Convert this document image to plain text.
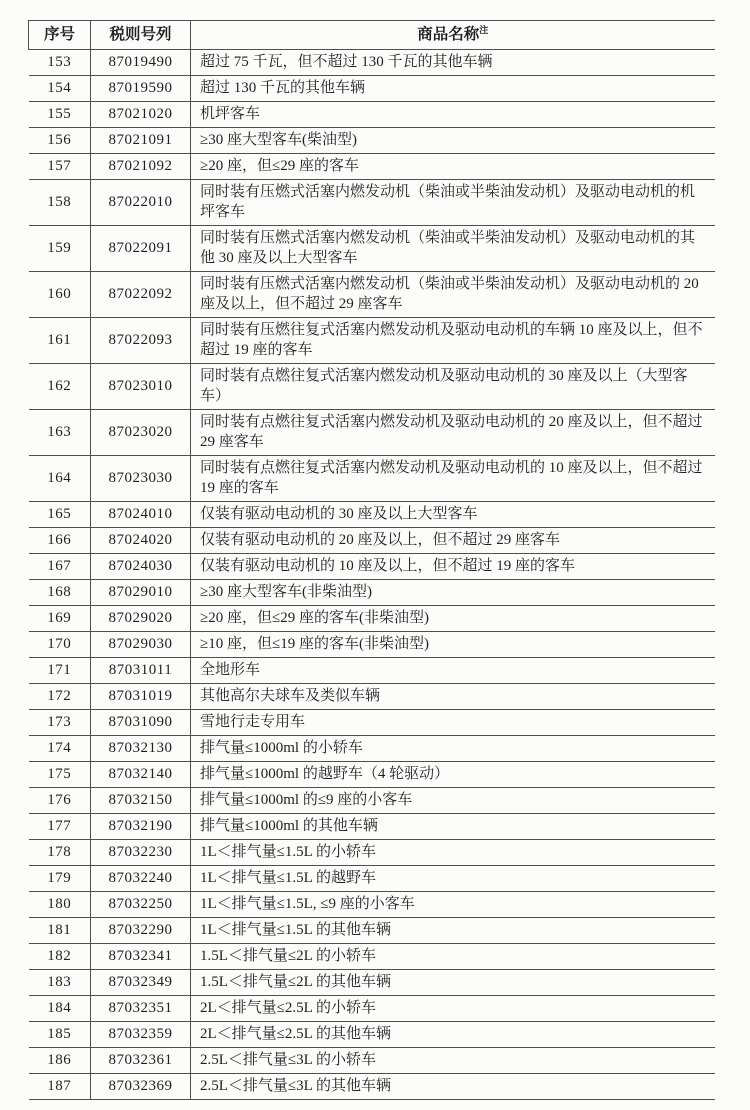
序号	税则号列	商品名称$^注$
153	87019490	超过 75 千瓦，但不超过 130 千瓦的其他车辆
154	87019590	超过 130 千瓦的其他车辆
155	87021020	机坪客车
156	87021091	≥30 座大型客车(柴油型)
157	87021092	≥20 座，但≤29 座的客车
158	87022010	同时装有压燃式活塞内燃发动机（柴油或半柴油发动机）及驱动电动机的机坪客车
159	87022091	同时装有压燃式活塞内燃发动机（柴油或半柴油发动机）及驱动电动机的其他 30 座及以上大型客车
160	87022092	同时装有压燃式活塞内燃发动机（柴油或半柴油发动机）及驱动电动机的 20 座及以上，但不超过 29 座客车
161	87022093	同时装有压燃往复式活塞内燃发动机及驱动电动机的车辆 10 座及以上，但不超过 19 座的客车
162	87023010	同时装有点燃往复式活塞内燃发动机及驱动电动机的 30 座及以上（大型客车）
163	87023020	同时装有点燃往复式活塞内燃发动机及驱动电动机的 20 座及以上，但不超过 29 座客车
164	87023030	同时装有点燃往复式活塞内燃发动机及驱动电动机的 10 座及以上，但不超过 19 座的客车
165	87024010	仅装有驱动电动机的 30 座及以上大型客车
166	87024020	仅装有驱动电动机的 20 座及以上，但不超过 29 座客车
167	87024030	仅装有驱动电动机的 10 座及以上，但不超过 19 座的客车
168	87029010	≥30 座大型客车(非柴油型)
169	87029020	≥20 座，但≤29 座的客车(非柴油型)
170	87029030	≥10 座，但≤19 座的客车(非柴油型)
171	87031011	全地形车
172	87031019	其他高尔夫球车及类似车辆
173	87031090	雪地行走专用车
174	87032130	排气量≤1000ml 的小轿车
175	87032140	排气量≤1000ml 的越野车（4 轮驱动）
176	87032150	排气量≤1000ml 的≤9 座的小客车
177	87032190	排气量≤1000ml 的其他车辆
178	87032230	1L＜排气量≤1.5L 的小轿车
179	87032240	1L＜排气量≤1.5L 的越野车
180	87032250	1L＜排气量≤1.5L, ≤9 座的小客车
181	87032290	1L＜排气量≤1.5L 的其他车辆
182	87032341	1.5L＜排气量≤2L 的小轿车
183	87032349	1.5L＜排气量≤2L 的其他车辆
184	87032351	2L＜排气量≤2.5L 的小轿车
185	87032359	2L＜排气量≤2.5L 的其他车辆
186	87032361	2.5L＜排气量≤3L 的小轿车
187	87032369	2.5L＜排气量≤3L 的其他车辆
